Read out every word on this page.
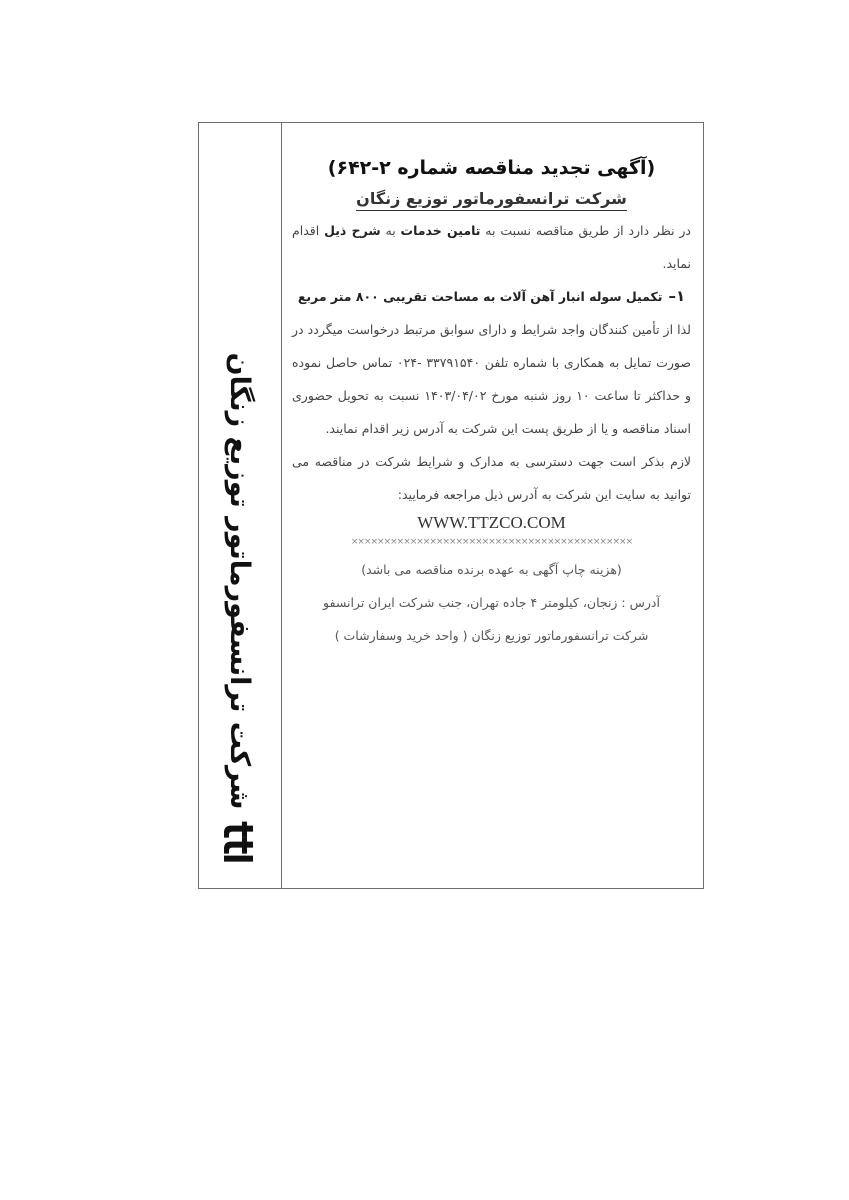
شرکت ترانسفورماتور توزیع زنگان
(آگهی تجدید مناقصه شماره ۲-۶۴۲)
شرکت ترانسفورماتور توزیع زنگان
در نظر دارد از طریق مناقصه نسبت به تامین خدمات به شرح ذیل اقدام نماید.
۱–تکمیل سوله انبار آهن آلات به مساحت تقریبی ۸۰۰ متر مربع
لذا از تأمین کنندگان واجد شرایط و دارای سوابق مرتبط درخواست میگردد در صورت تمایل به همکاری با شماره تلفن ۳۳۷۹۱۵۴۰ -۰۲۴ تماس حاصل نموده و حداکثر تا ساعت ۱۰ روز شنبه مورخ ۱۴۰۳/۰۴/۰۲ نسبت به تحویل حضوری اسناد مناقصه و یا از طریق پست این شرکت به آدرس زیر اقدام نمایند.
لازم بذکر است جهت دسترسی به مدارک و شرایط شرکت در مناقصه می توانید به سایت این شرکت به آدرس ذیل مراجعه فرمایید:
WWW.TTZCO.COM
×××××××××××××××××××××××××××××××××××××××××××
(هزینه چاپ آگهی به عهده برنده مناقصه می باشد)
آدرس : زنجان، کیلومتر ۴ جاده تهران، جنب شرکت ایران ترانسفو
شرکت ترانسفورماتور توزیع زنگان ( واحد خرید وسفارشات )
